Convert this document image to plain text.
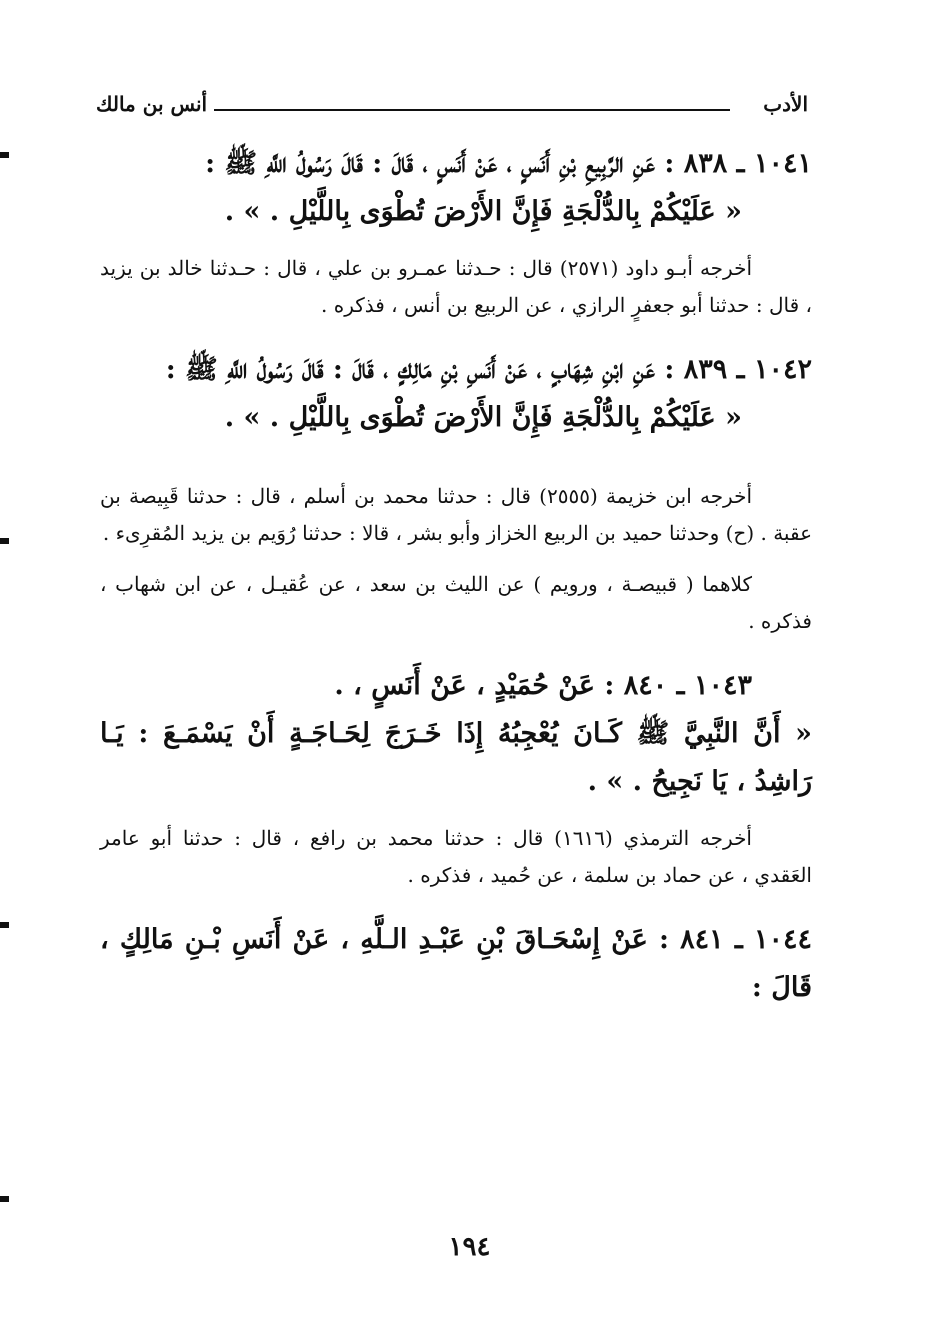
الأدب
أنس بن مالك

١٠٤١ ـ ٨٣٨ : عَنِ الرَّبِيعِ بْنِ أَنَسٍ ، عَنْ أَنَسٍ ، قَالَ : قَالَ رَسُولُ اللَّهِ ﷺ :

« عَلَيْكُمْ بِالدُّلْجَةِ فَإِنَّ الأَرْضَ تُطْوَى بِاللَّيْلِ . » .

أخرجه أبـو داود (٢٥٧١) قال : حـدثنا عمـرو بن علي ، قال : حـدثنا خالد بن يزيد ، قال : حدثنا أبو جعفرٍ الرازي ، عن الربيع بن أنس ، فذكره .

١٠٤٢ ـ ٨٣٩ : عَنِ ابْنِ شِهَابٍ ، عَنْ أَنَسِ بْنِ مَالِكٍ ، قَالَ : قَالَ رَسُولُ اللَّهِ ﷺ :

« عَلَيْكُمْ بِالدُّلْجَةِ فَإِنَّ الأَرْضَ تُطْوَى بِاللَّيْلِ . » .

أخرجه ابن خزيمة (٢٥٥٥) قال : حدثنا محمد بن أسلم ، قال : حدثنا قَبِيصة بن عقبة . (ح) وحدثنا حميد بن الربيع الخزاز وأبو بشر ، قالا : حدثنا رُوَيم بن يزيد المُقرِىء .

كلاهما ( قبيصـة ، ورويم ) عن الليث بن سعد ، عن عُقيـل ، عن ابن شهاب ، فذكره .

١٠٤٣ ـ ٨٤٠ : عَنْ حُمَيْدٍ ، عَنْ أَنَسٍ ، .

« أَنَّ النَّبِيَّ ﷺ كَـانَ يُعْجِبُهُ إِذَا خَـرَجَ لِحَـاجَـةٍ أَنْ يَسْمَـعَ : يَـا رَاشِدُ ، يَا نَجِيحُ . » .

أخرجه الترمذي (١٦١٦) قال : حدثنا محمد بن رافع ، قال : حدثنا أبو عامر العَقدي ، عن حماد بن سلمة ، عن حُميد ، فذكره .

١٠٤٤ ـ ٨٤١ : عَنْ إِسْحَـاقَ بْنِ عَبْـدِ الـلَّهِ ، عَنْ أَنَسِ بْـنِ مَالِكٍ ، قَالَ :

١٩٤
